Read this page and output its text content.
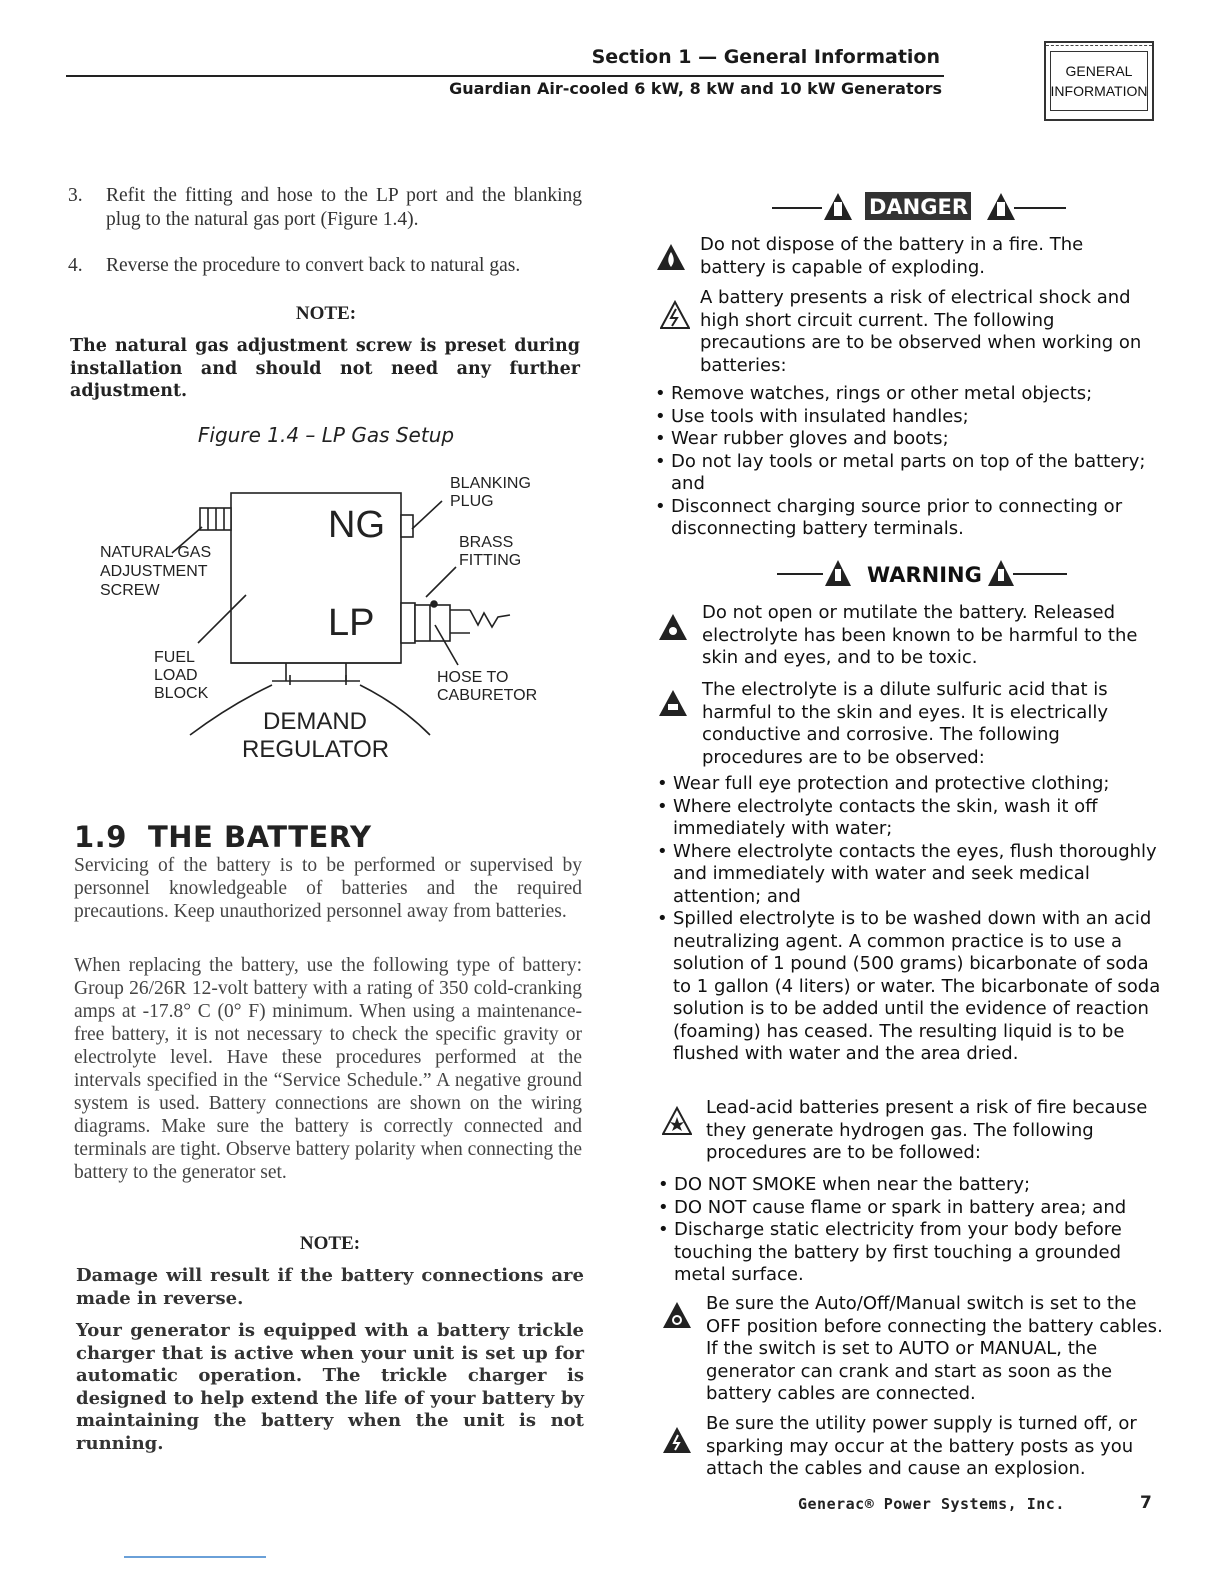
Section 1 — General Information
Guardian Air-cooled 6 kW, 8 kW and 10 kW Generators
GENERAL
INFORMATION
3. Refit the fitting and hose to the LP port and the blanking plug to the natural gas port (Figure 1.4).
4. Reverse the procedure to convert back to natural gas.
NOTE:
The natural gas adjustment screw is preset during installation and should not need any further adjustment.
Figure 1.4 – LP Gas Setup
NG
LP
BLANKING
PLUG
BRASS
FITTING
NATURAL GAS
ADJUSTMENT
SCREW
FUEL
LOAD
BLOCK
HOSE TO
CABURETOR
DEMAND
REGULATOR
1.9 THE BATTERY
Servicing of the battery is to be performed or supervised by personnel knowledgeable of batteries and the required precautions. Keep unauthorized personnel away from batteries.
When replacing the battery, use the following type of battery: Group 26/26R 12-volt battery with a rating of 350 cold-cranking amps at -17.8° C (0° F) minimum. When using a maintenance-free battery, it is not necessary to check the specific gravity or electrolyte level. Have these procedures performed at the intervals specified in the “Service Schedule.” A negative ground system is used. Battery connections are shown on the wiring diagrams. Make sure the battery is correctly connected and terminals are tight. Observe battery polarity when connecting the battery to the generator set.
NOTE:
Damage will result if the battery connections are made in reverse.
Your generator is equipped with a battery trickle charger that is active when your unit is set up for automatic operation. The trickle charger is designed to help extend the life of your battery by maintaining the battery when the unit is not running.
DANGER
Do not dispose of the battery in a fire. The battery is capable of exploding.
A battery presents a risk of electrical shock and high short circuit current. The following precautions are to be observed when working on batteries:
• Remove watches, rings or other metal objects;
• Use tools with insulated handles;
• Wear rubber gloves and boots;
• Do not lay tools or metal parts on top of the battery; and
• Disconnect charging source prior to connecting or disconnecting battery terminals.
WARNING
Do not open or mutilate the battery. Released electrolyte has been known to be harmful to the skin and eyes, and to be toxic.
The electrolyte is a dilute sulfuric acid that is harmful to the skin and eyes. It is electrically conductive and corrosive. The following procedures are to be observed:
• Wear full eye protection and protective clothing;
• Where electrolyte contacts the skin, wash it off immediately with water;
• Where electrolyte contacts the eyes, flush thoroughly and immediately with water and seek medical attention; and
• Spilled electrolyte is to be washed down with an acid neutralizing agent. A common practice is to use a solution of 1 pound (500 grams) bicarbonate of soda to 1 gallon (4 liters) or water. The bicarbonate of soda solution is to be added until the evidence of reaction (foaming) has ceased. The resulting liquid is to be flushed with water and the area dried.
Lead-acid batteries present a risk of fire because they generate hydrogen gas. The following procedures are to be followed:
• DO NOT SMOKE when near the battery;
• DO NOT cause flame or spark in battery area; and
• Discharge static electricity from your body before touching the battery by first touching a grounded metal surface.
Be sure the Auto/Off/Manual switch is set to the OFF position before connecting the battery cables. If the switch is set to AUTO or MANUAL, the generator can crank and start as soon as the battery cables are connected.
Be sure the utility power supply is turned off, or sparking may occur at the battery posts as you attach the cables and cause an explosion.
Generac® Power Systems, Inc.	7
